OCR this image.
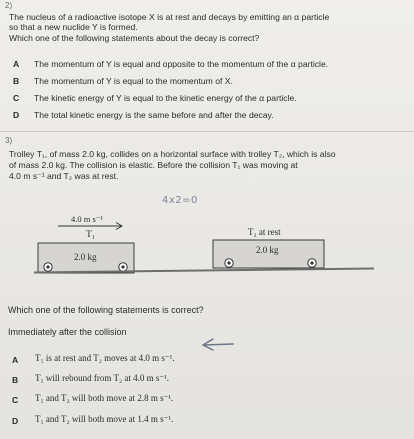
2)
The nucleus of a radioactive isotope X is at rest and decays by emitting an α particle
so that a new nuclide Y is formed.
Which one of the following statements about the decay is correct?
A The momentum of Y is equal and opposite to the momentum of the α particle.
B The momentum of Y is equal to the momentum of X.
C The kinetic energy of Y is equal to the kinetic energy of the α particle.
D The total kinetic energy is the same before and after the decay.
3)
Trolley T₁, of mass 2.0 kg, collides on a horizontal surface with trolley T₂, which is also
of mass 2.0 kg. The collision is elastic. Before the collision T₁ was moving at
4.0 m s⁻¹ and T₂ was at rest.
4x2=0
4.0 m s⁻¹
T₁
2.0 kg
T₂ at rest
2.0 kg
Which one of the following statements is correct?
Immediately after the collision
A T₁ is at rest and T₂ moves at 4.0 m s⁻¹.
B T₁ will rebound from T₂ at 4.0 m s⁻¹.
C T₁ and T₂ will both move at 2.8 m s⁻¹.
D T₁ and T₂ will both move at 1.4 m s⁻¹.
